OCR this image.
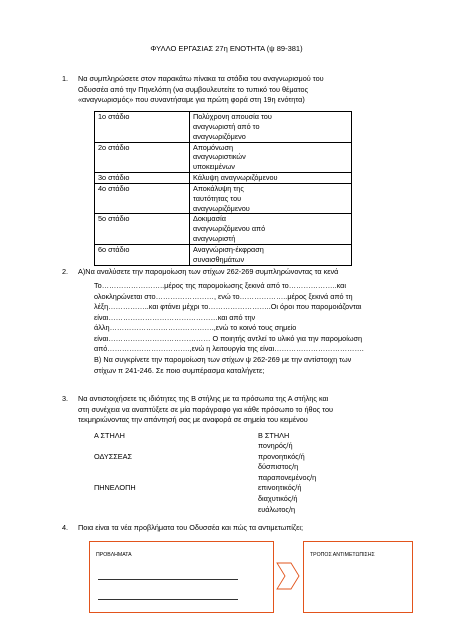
ΦΥΛΛΟ ΕΡΓΑΣΙΑΣ 27η ΕΝΟΤΗΤΑ (ψ 89-381)
1. Να συμπληρώσετε στον παρακάτω πίνακα τα στάδια του αναγνωρισμού του

Οδυσσέα από την Πηνελόπη (να συμβουλευτείτε το τυπικό του θέματος

«αναγνωρισμός» που συναντήσαμε για πρώτη φορά στη 19η ενότητα)

1ο στάδιο	Πολύχρονη απουσία του
αναγνωριστή από το
αναγνωριζόμενο

2ο στάδιο	Απομόνωση
αναγνωριστικών
υποκειμένων

3ο στάδιο	Κάλυψη αναγνωριζόμενου

4ο στάδιο	Αποκάλυψη της
ταυτότητας του
αναγνωριζόμενου

5ο στάδιο	Δοκιμασία
αναγνωριζόμενου από
αναγνωριστή

6ο στάδιο	Αναγνώριση-έκφραση
συναισθημάτων
2. Α)Να αναλύσετε την παρομοίωση των στίχων 262-269 συμπληρώνοντας τα κενά

Το……………………..μέρος της παρομοίωσης ξεκινά από το………………..και

ολοκληρώνεται στο……………………, ενώ το………………..μέρος ξεκινά από τη

λέξη……………..και φτάνει μέχρι το……………………..Οι όροι που παρομοιάζονται

είναι………………………………………και από την

άλλη…………………………………….,ενώ το κοινό τους σημείο

είναι…………………………………… Ο ποιητής αντλεί το υλικό για την παρομοίωση

από…………………………….,ενώ η λειτουργία της είναι……………………………….

Β) Να συγκρίνετε την παρομοίωση των στίχων ψ 262-269 με την αντίστοιχη των

στίχων π 241-246. Σε ποιο συμπέρασμα καταλήγετε;

3. Να αντιστοιχήσετε τις ιδιότητες της Β στήλης με τα πρόσωπα της Α στήλης και

στη συνέχεια να αναπτύξετε σε μία παράγραφο για κάθε πρόσωπο το ήθος του

τεκμηριώνοντας την απάντησή σας με αναφορά σε σημεία του κειμένου

Α ΣΤΗΛΗ	Β ΣΤΗΛΗ
πονηρός/ή
ΟΔΥΣΣΕΑΣ	προνοητικός/ή
δύσπιστος/η
παραπονεμένος/η
ΠΗΝΕΛΟΠΗ	επινοητικός/ή
διαχυτικός/ή
ευάλωτος/η
4. Ποια είναι τα νέα προβλήματα του Οδυσσέα και πώς τα αντιμετωπίζει;

ΠΡΟΒΛΗΜΑΤΑ	ΤΡΟΠΟΣ ΑΝΤΙΜΕΤΩΠΙΣΗΣ
